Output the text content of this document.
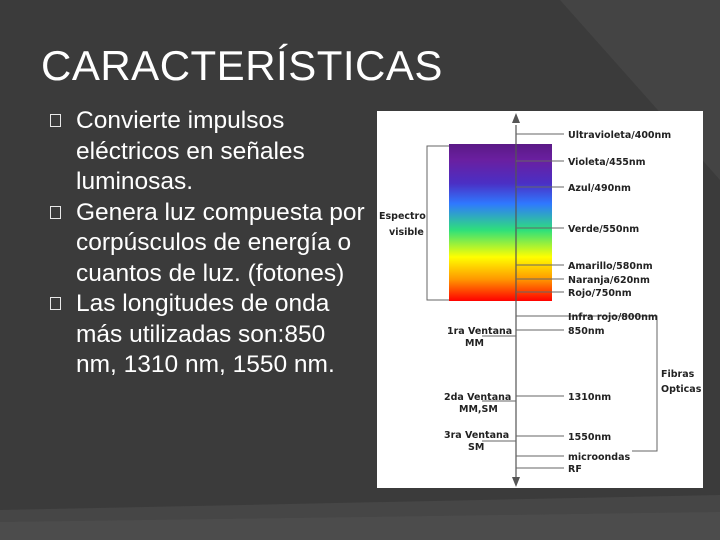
CARACTERÍSTICAS
Convierte impulsos eléctricos en señales luminosas.
Genera luz compuesta por corpúsculos de energía o cuantos de luz. (fotones)
Las longitudes de onda más utilizadas son:850 nm, 1310 nm, 1550 nm.
Ultravioleta/400nm
Violeta/455nm
Azul/490nm
Verde/550nm
Amarillo/580nm
Naranja/620nm
Rojo/750nm
Infra rojo/800nm
850nm
1310nm
1550nm
microondas
RF
Espectro
visible
1ra Ventana
MM
2da Ventana
MM,SM
3ra Ventana
SM
Fibras
Opticas
